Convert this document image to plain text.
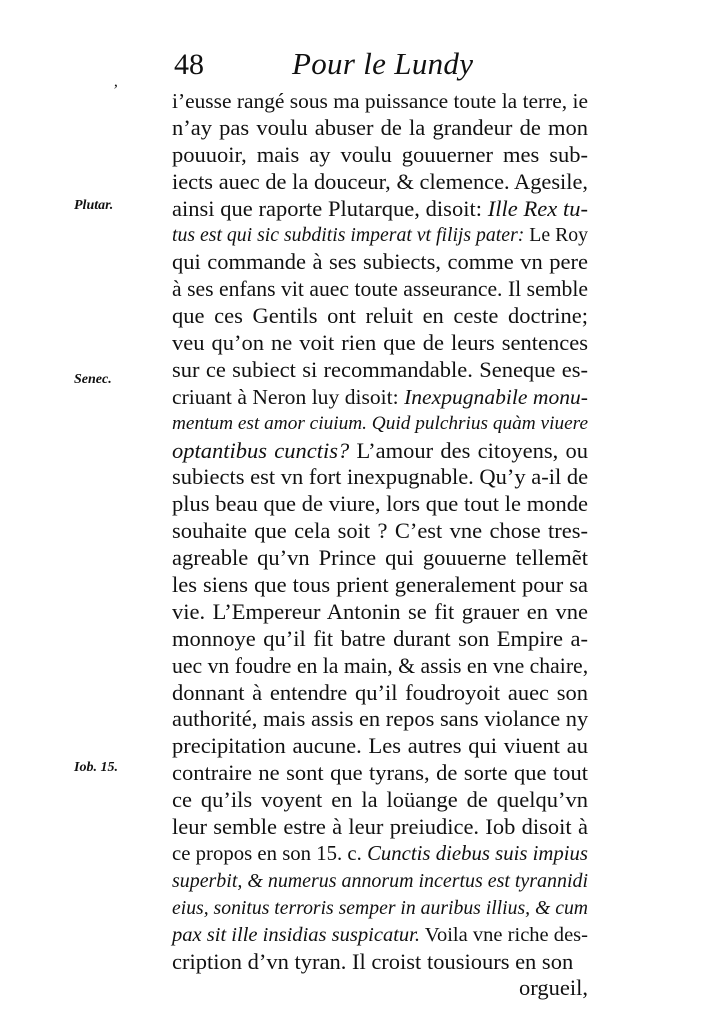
48	Pour le Lundy
’
Plutar.
Senec.
Iob. 15.
i’eusse rangé sous ma puissance toute la terre, ie
n’ay pas voulu abuser de la grandeur de mon
pouuoir, mais ay voulu gouuerner mes sub-
iects auec de la douceur, & clemence. Agesile,
ainsi que raporte Plutarque, disoit: Ille Rex tu-
tus est qui sic subditis imperat vt filijs pater: Le Roy
qui commande à ses subiects, comme vn pere
à ses enfans vit auec toute asseurance. Il semble
que ces Gentils ont reluit en ceste doctrine;
veu qu’on ne voit rien que de leurs sentences
sur ce subiect si recommandable. Seneque es-
criuant à Neron luy disoit: Inexpugnabile monu-
mentum est amor ciuium. Quid pulchrius quàm viuere
optantibus cunctis? L’amour des citoyens, ou
subiects est vn fort inexpugnable. Qu’y a-il de
plus beau que de viure, lors que tout le monde
souhaite que cela soit ? C’est vne chose tres-
agreable qu’vn Prince qui gouuerne tellemẽt
les siens que tous prient generalement pour sa
vie. L’Empereur Antonin se fit grauer en vne
monnoye qu’il fit batre durant son Empire a-
uec vn foudre en la main, & assis en vne chaire,
donnant à entendre qu’il foudroyoit auec son
authorité, mais assis en repos sans violance ny
precipitation aucune. Les autres qui viuent au
contraire ne sont que tyrans, de sorte que tout
ce qu’ils voyent en la loüange de quelqu’vn
leur semble estre à leur preiudice. Iob disoit à
ce propos en son 15. c. Cunctis diebus suis impius
superbit, & numerus annorum incertus est tyrannidi
eius, sonitus terroris semper in auribus illius, & cum
pax sit ille insidias suspicatur. Voila vne riche des-
cription d’vn tyran. Il croist tousiours en son
orgueil,
